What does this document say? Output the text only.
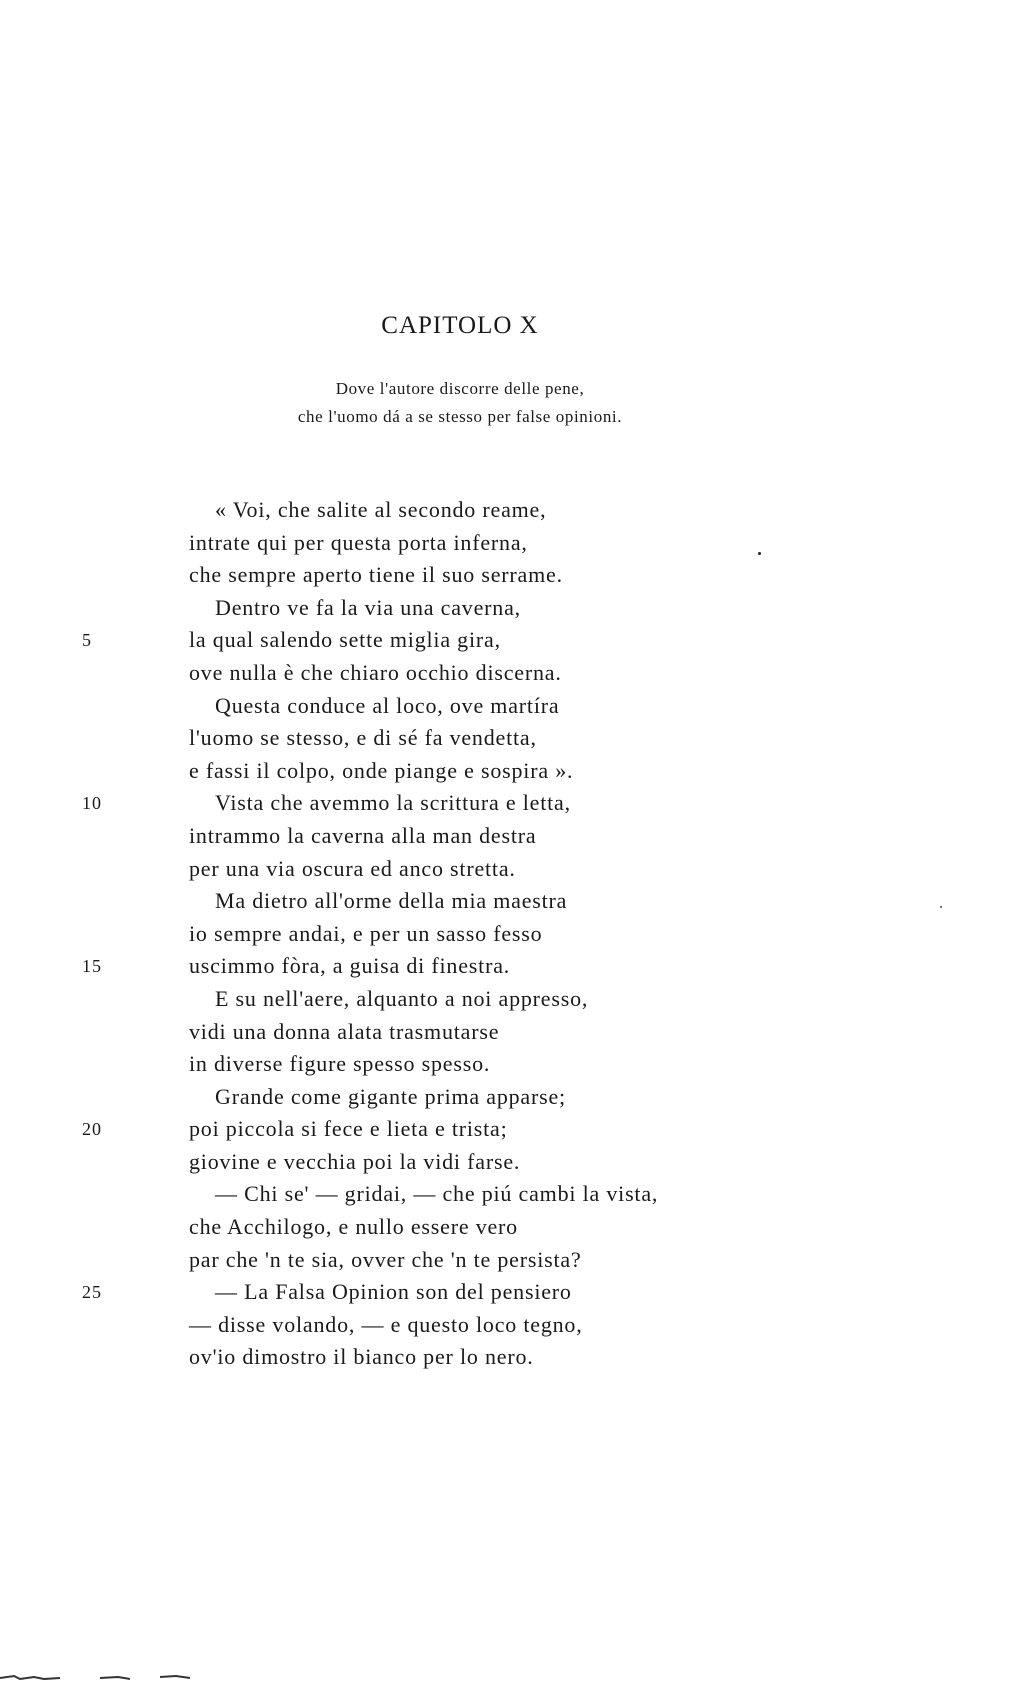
CAPITOLO X
Dove l'autore discorre delle pene,
che l'uomo dá a se stesso per false opinioni.
« Voi, che salite al secondo reame,
intrate qui per questa porta inferna,
che sempre aperto tiene il suo serrame.
Dentro ve fa la via una caverna,
5	la qual salendo sette miglia gira,
ove nulla è che chiaro occhio discerna.
Questa conduce al loco, ove martíra
l'uomo se stesso, e di sé fa vendetta,
e fassi il colpo, onde piange e sospira ».
10	Vista che avemmo la scrittura e letta,
intrammo la caverna alla man destra
per una via oscura ed anco stretta.
Ma dietro all'orme della mia maestra
io sempre andai, e per un sasso fesso
15	uscimmo fòra, a guisa di finestra.
E su nell'aere, alquanto a noi appresso,
vidi una donna alata trasmutarse
in diverse figure spesso spesso.
Grande come gigante prima apparse;
20	poi piccola si fece e lieta e trista;
giovine e vecchia poi la vidi farse.
— Chi se' — gridai, — che piú cambi la vista,
che Acchilogo, e nullo essere vero
par che 'n te sia, ovver che 'n te persista?
25	— La Falsa Opinion son del pensiero
— disse volando, — e questo loco tegno,
ov'io dimostro il bianco per lo nero.
